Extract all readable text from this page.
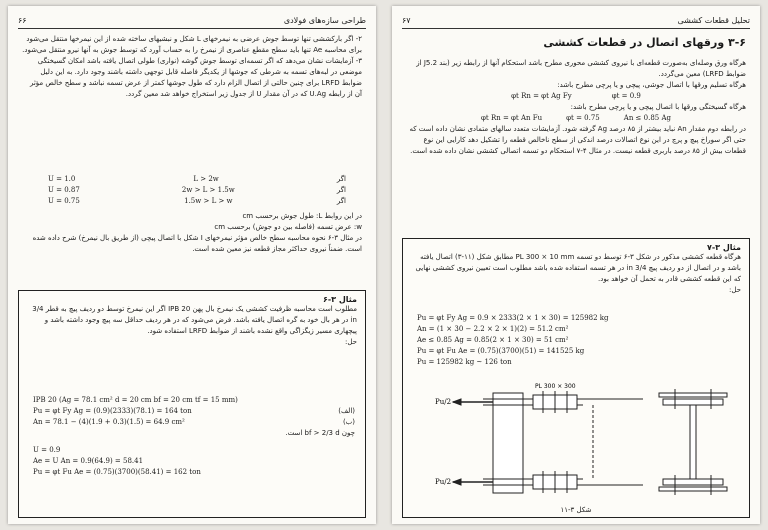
طراحی سازه‌های فولادی
۶۶

۲- اگر بارکششی تنها توسط جوش عرضی به نیمرخهای L شکل و نبشیهای ساخته شده از این نیمرخها منتقل می‌شود برای محاسبه Ae تنها باید سطح مقطع عناصری از نیمرخ را به حساب آورد که توسط جوش به آنها نیرو منتقل می‌شود.

۳- آزمایشات نشان می‌دهد که اگر تسمه‌ای توسط جوش گوشه (نواری) طولی اتصال یافته باشد امکان گسیختگی موضعی در لبه‌های تسمه به شرطی که جوشها از یکدیگر فاصله قابل توجهی داشته باشند وجود دارد. به این دلیل ضوابط LRFD برای چنین حالتی از اتصال الزام دارد که طول جوشها کمتر از عرض تسمه نباشد و سطح خالص مؤثر آن از رابطه U.Ag که در آن مقدار U از جدول زیر استخراج خواهد شد معین گردد.

U = 1.0	L > 2w	اگر
U = 0.87	2w > L > 1.5w	اگر
U = 0.75	1.5w > L > w	اگر

در این روابط L: طول جوش برحسب cm

w: عرض تسمه (فاصله بین دو جوش) برحسب cm

در مثال ۳-۶ نحوه محاسبه سطح خالص مؤثر نیمرخهای I شکل با اتصال پیچی (از طریق بال نیمرخ) شرح داده شده است. ضمناً نیروی حداکثر مجاز قطعه نیز معین شده است.

مثال ۳-۶

مطلوب است محاسبه ظرفیت کششی یک نیمرخ بال پهن IPB 20 اگر این نیمرخ توسط دو ردیف پیچ به قطر 3/4 in در هر بال خود به گره اتصال یافته باشد. فرض می‌شود که در هر ردیف حداقل سه پیچ وجود داشته باشد و پیچهاری مسیر زیگزاگی واقع نشده باشند از ضوابط LRFD استفاده شود.

حل:

IPB 20 (Ag = 78.1 cm² d = 20 cm bf = 20 cm tf = 15 mm)
Pu = φt Fy Ag = (0.9)(2333)(78.1) = 164 ton	(الف)
An = 78.1 − (4)(1.9 + 0.3)(1.5) = 64.9 cm²	(ب)
چون bf > 2/3 d است.
U = 0.9
Ae = U An = 0.9(64.9) = 58.41
Pu = φt Fu Ae = (0.75)(3700)(58.41) = 162 ton
تحلیل قطعات کششی
۶۷
۳-۶ ورقهای اتصال در قطعات کششی

هرگاه ورق وصله‌ای به‌صورت قطعه‌ای با نیروی کششی محوری مطرح باشد استحکام آنها از رابطه زیر (بند J5.2 از ضوابط LRFD) معین می‌گردد.

هرگاه تسلیم ورقها با اتصال جوشی، پیچی و یا پرچی مطرح باشد:

φt = 0.9
φt Rn = φt Ag Fy

هرگاه گسیختگی ورقها با اتصال پیچی و یا پرچی مطرح باشد:

An ≤ 0.85 Ag
φt = 0.75
φt Rn = φt An Fu

در رابطه دوم مقدار An نباید بیشتر از ۸۵ درصد Ag گرفته شود. آزمایشات متعدد سالهای متمادی نشان داده است که حتی اگر سوراخ پیچ و پرچ در این نوع اتصالات درصد اندکی از سطح ناخالص قطعه را تشکیل دهد کارایی این نوع قطعات بیش از ۸۵ درصد باربری قطعه نیست. در مثال ۴-۷ استحکام دو تسمه اتصالی کششی نشان داده شده است.

مثال ۳-۷

هرگاه قطعه کششی مذکور در شکل ۳-۶ توسط دو تسمه PL 300 × 10 mm مطابق شکل (۱۱-۳) اتصال یافته باشد و در اتصال از دو ردیف پیچ 3/4 in در هر تسمه استفاده شده باشد مطلوب است تعیین نیروی کششی نهایی که این قطعه کششی قادر به تحمل آن خواهد بود.

حل:

Pu = φt Fy Ag = 0.9 × 2333(2 × 1 × 30) = 125982 kg
An = (1 × 30 − 2.2 × 2 × 1)(2) = 51.2 cm²
Ae ≤ 0.85 Ag = 0.85(2 × 1 × 30) = 51 cm²
Pu = φt Fu Ae = (0.75)(3700)(51) = 141525 kg
Pu = 125982 kg ~ 126 ton
PL 300 × 300
Pu/2
Pu/2
شکل ۳-۱۱
